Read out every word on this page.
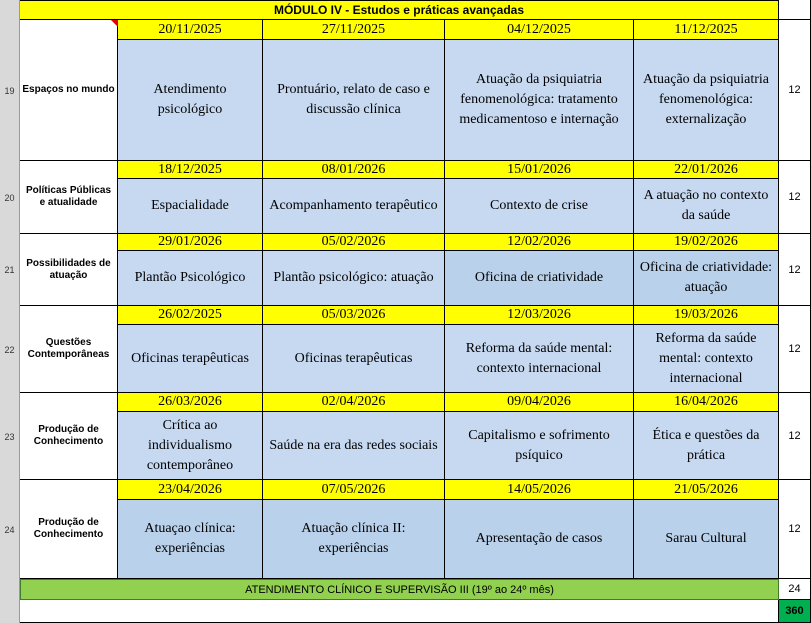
MÓDULO IV - Estudos e práticas avançadas
19 Espaços no mundo
20/11/2025
Atendimento psicológico
27/11/2025
Prontuário, relato de caso e discussão clínica
04/12/2025
Atuação da psiquiatria fenomenológica: tratamento medicamentoso e internação
11/12/2025
Atuação da psiquiatria fenomenológica: externalização
12
20
Políticas Públicas e atualidade
18/12/2025
Espacialidade
08/01/2026
Acompanhamento terapêutico
15/01/2026
Contexto de crise
22/01/2026
A atuação no contexto da saúde
12
21
Possibilidades de atuação
29/01/2026
Plantão Psicológico
05/02/2026
Plantão psicológico: atuação
12/02/2026
Oficina de criatividade
19/02/2026
Oficina de criatividade: atuação
12
22
Questões Contemporâneas
26/02/2025
Oficinas terapêuticas
05/03/2026
Oficinas terapêuticas
12/03/2026
Reforma da saúde mental: contexto internacional
19/03/2026
Reforma da saúde mental: contexto internacional
12
23
Produção de Conhecimento
26/03/2026
Crítica ao individualismo contemporâneo
02/04/2026
Saúde na era das redes sociais
09/04/2026
Capitalismo e sofrimento psíquico
16/04/2026
Ética e questões da prática
12
24
Produção de Conhecimento
23/04/2026
Atuaçao clínica: experiências
07/05/2026
Atuação clínica II: experiências
14/05/2026
Apresentação de casos
21/05/2026
Sarau Cultural
12
ATENDIMENTO CLÍNICO E SUPERVISÃO III (19º ao 24º mês)	24
360
